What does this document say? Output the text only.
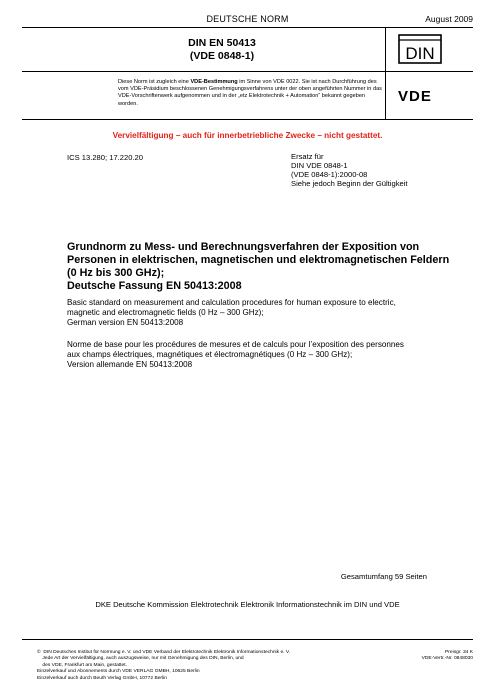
DEUTSCHE NORM	August 2009
DIN EN 50413
(VDE 0848-1)	DIN
Diese Norm ist zugleich eine VDE-Bestimmung im Sinne von VDE 0022. Sie ist nach Durchführung des vom VDE-Präsidium beschlossenen Genehmigungsverfahrens unter der oben angeführten Nummer in das VDE-Vorschriftenwerk aufgenommen und in der „etz Elektrotechnik + Automation“ bekannt gegeben worden.	VDE
Vervielfältigung – auch für innerbetriebliche Zwecke – nicht gestattet.
ICS 13.280; 17.220.20	Ersatz für
DIN VDE 0848-1
(VDE 0848-1):2000-08
Siehe jedoch Beginn der Gültigkeit
Grundnorm zu Mess- und Berechnungsverfahren der Exposition von
Personen in elektrischen, magnetischen und elektromagnetischen Feldern
(0 Hz bis 300 GHz);
Deutsche Fassung EN 50413:2008
Basic standard on measurement and calculation procedures for human exposure to electric,
magnetic and electromagnetic fields (0 Hz – 300 GHz);
German version EN 50413:2008
Norme de base pour les procédures de mesures et de calculs pour l’exposition des personnes
aux champs électriques, magnétiques et électromagnétiques (0 Hz – 300 GHz);
Version allemande EN 50413:2008
Gesamtumfang 59 Seiten
DKE Deutsche Kommission Elektrotechnik Elektronik Informationstechnik im DIN und VDE
©  DIN Deutsches Institut für Normung e. V. und VDE Verband der Elektrotechnik Elektronik Informationstechnik e. V.
Jede Art der Vervielfältigung, auch auszugsweise, nur mit Genehmigung des DIN, Berlin, und
des VDE, Frankfurt am Main, gestattet.
Einzelverkauf und Abonnements durch VDE VERLAG GMBH, 10625 Berlin
Einzelverkauf auch durch Beuth Verlag GmbH, 10772 Berlin
Preisgr. 34 K
VDE-Vertr.-Nr. 0848030
